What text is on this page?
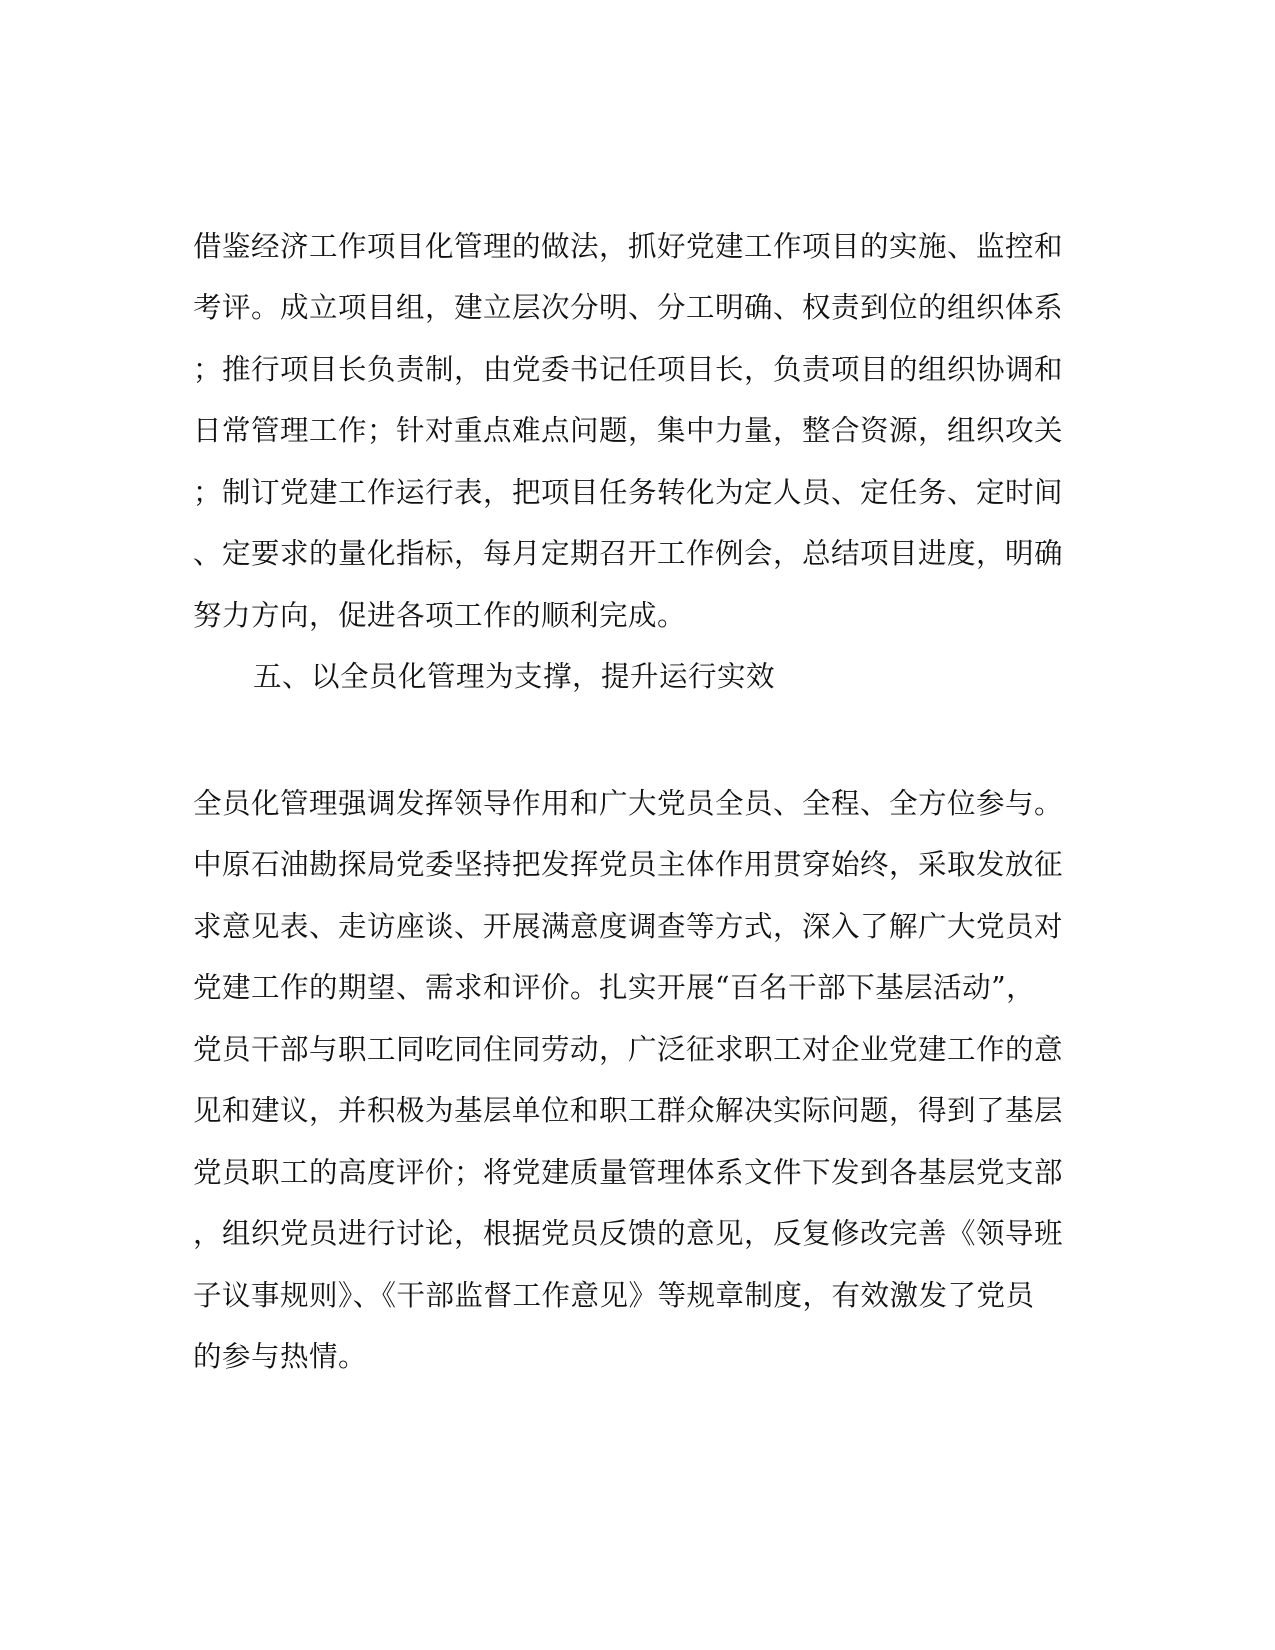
借鉴经济工作项目化管理的做法，抓好党建工作项目的实施、监控和
考评。成立项目组，建立层次分明、分工明确、权责到位的组织体系
；推行项目长负责制，由党委书记任项目长，负责项目的组织协调和
日常管理工作；针对重点难点问题，集中力量，整合资源，组织攻关
；制订党建工作运行表，把项目任务转化为定人员、定任务、定时间
、定要求的量化指标，每月定期召开工作例会，总结项目进度，明确
努力方向，促进各项工作的顺利完成。
五、以全员化管理为支撑，提升运行实效
全员化管理强调发挥领导作用和广大党员全员、全程、全方位参与。
中原石油勘探局党委坚持把发挥党员主体作用贯穿始终，采取发放征
求意见表、走访座谈、开展满意度调查等方式，深入了解广大党员对
党建工作的期望、需求和评价。扎实开展“百名干部下基层活动”，
党员干部与职工同吃同住同劳动，广泛征求职工对企业党建工作的意
见和建议，并积极为基层单位和职工群众解决实际问题，得到了基层
党员职工的高度评价；将党建质量管理体系文件下发到各基层党支部
，组织党员进行讨论，根据党员反馈的意见，反复修改完善《领导班
子议事规则》、《干部监督工作意见》等规章制度，有效激发了党员
的参与热情。
